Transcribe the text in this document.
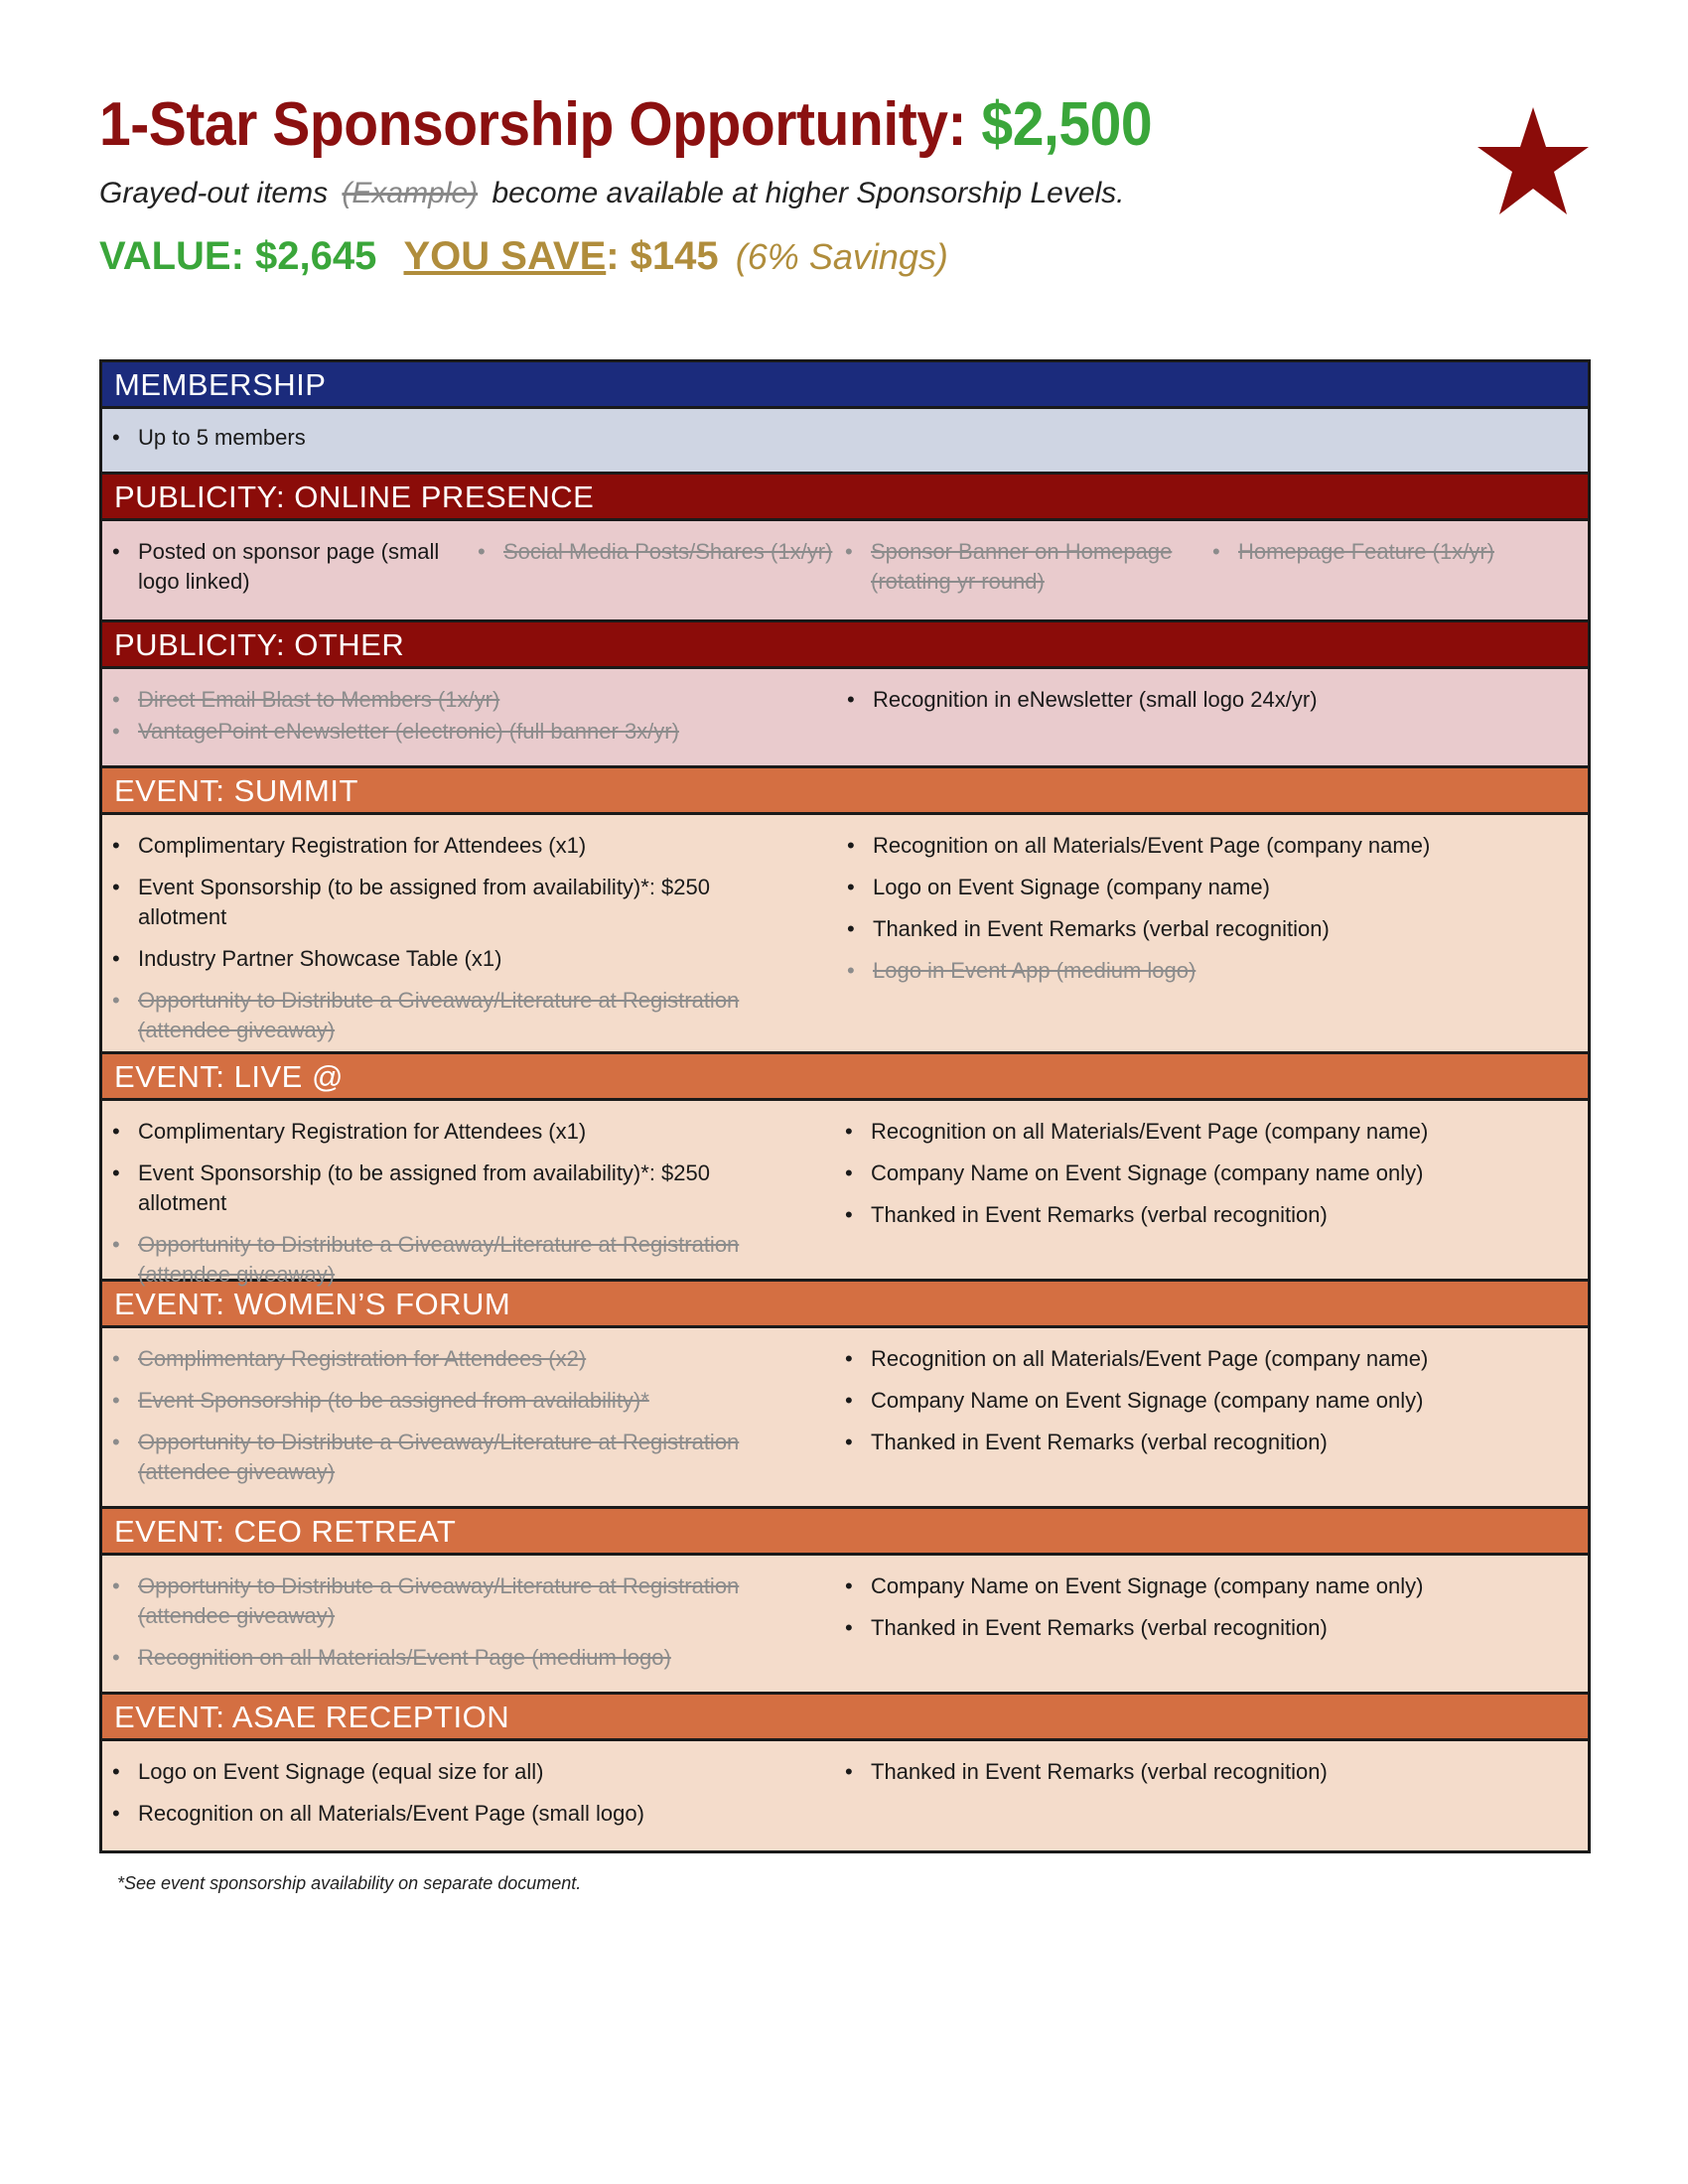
1-Star Sponsorship Opportunity: $2,500
Grayed-out items (Example) become available at higher Sponsorship Levels.
VALUE: $2,645 YOU SAVE: $145 (6% Savings)
MEMBERSHIP
• Up to 5 members
PUBLICITY: ONLINE PRESENCE
• Posted on sponsor page (small logo linked)
• Social Media Posts/Shares (1x/yr)
•	Sponsor Banner on Homepage (rotating yr round)
• Homepage Feature (1x/yr)
PUBLICITY: OTHER
• Direct Email Blast to Members (1x/yr)
• VantagePoint eNewsletter (electronic) (full banner 3x/yr)
• Recognition in eNewsletter (small logo 24x/yr)
EVENT: SUMMIT
• Complimentary Registration for Attendees (x1)
• Event Sponsorship (to be assigned from availability)*: $250 allotment
• Industry Partner Showcase Table (x1)
• Opportunity to Distribute a Giveaway/Literature at Registration (attendee giveaway)
• Recognition on all Materials/Event Page (company name)
• Logo on Event Signage (company name)
• Thanked in Event Remarks (verbal recognition)
• Logo in Event App (medium logo)
EVENT: LIVE @
• Complimentary Registration for Attendees (x1)
• Event Sponsorship (to be assigned from availability)*: $250 allotment
• Opportunity to Distribute a Giveaway/Literature at Registration (attendee giveaway)
• Recognition on all Materials/Event Page (company name)
• Company Name on Event Signage (company name only)
• Thanked in Event Remarks (verbal recognition)
EVENT: WOMEN’S FORUM
• Complimentary Registration for Attendees (x2)
• Event Sponsorship (to be assigned from availability)*
• Opportunity to Distribute a Giveaway/Literature at Registration (attendee giveaway)
• Recognition on all Materials/Event Page (company name)
• Company Name on Event Signage (company name only)
• Thanked in Event Remarks (verbal recognition)
EVENT: CEO RETREAT
• Opportunity to Distribute a Giveaway/Literature at Registration (attendee giveaway)
• Recognition on all Materials/Event Page (medium logo)
• Company Name on Event Signage (company name only)
• Thanked in Event Remarks (verbal recognition)
EVENT: ASAE RECEPTION
• Logo on Event Signage (equal size for all)
• Recognition on all Materials/Event Page (small logo)
• Thanked in Event Remarks (verbal recognition)
*See event sponsorship availability on separate document.
